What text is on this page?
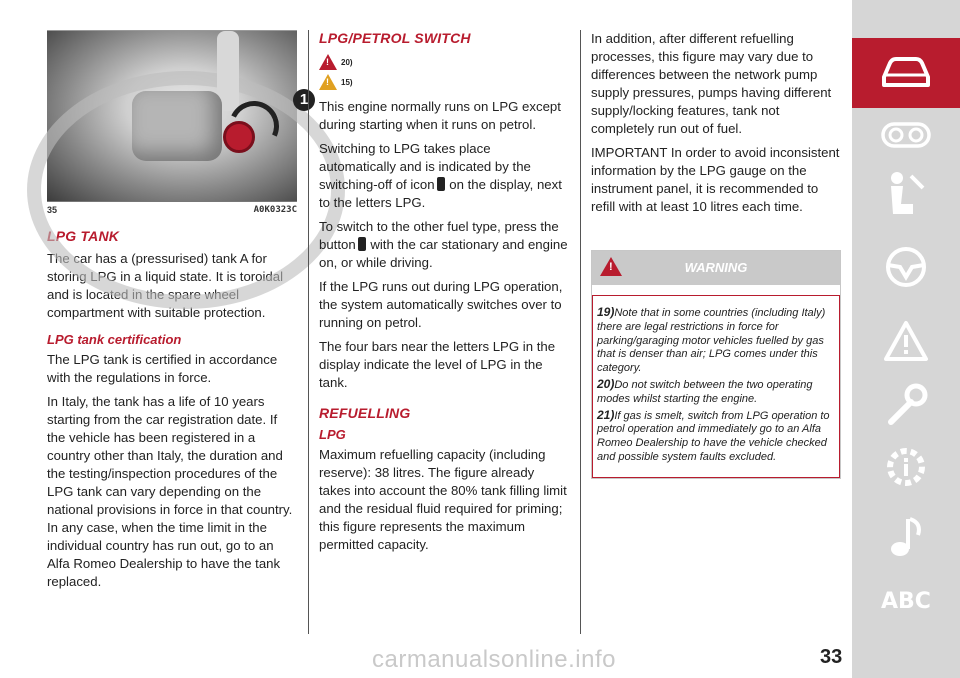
1
35	A0K0323C
LPG TANK

The car has a (pressurised) tank A for storing LPG in a liquid state. It is toroidal and is located in the spare wheel compartment with suitable protection.

LPG tank certification

The LPG tank is certified in accordance with the regulations in force.

In Italy, the tank has a life of 10 years starting from the car registration date. If the vehicle has been registered in a country other than Italy, the duration and the testing/inspection procedures of the LPG tank can vary depending on the national provisions in force in that country. In any case, when the time limit in the individual country has run out, go to an Alfa Romeo Dealership to have the tank replaced.

LPG/PETROL SWITCH
!
20)
!
15)

This engine normally runs on LPG except during starting when it runs on petrol.

Switching to LPG takes place automatically and is indicated by the switching-off of icon on the display, next to the letters LPG.

To switch to the other fuel type, press the button with the car stationary and engine on, or while driving.

If the LPG runs out during LPG operation, the system automatically switches over to running on petrol.

The four bars near the letters LPG in the display indicate the level of LPG in the tank.

REFUELLING
LPG

Maximum refuelling capacity (including reserve): 38 litres. The figure already takes into account the 80% tank filling limit and the residual fluid required for priming; this figure represents the maximum permitted capacity.

In addition, after different refuelling processes, this figure may vary due to differences between the network pump supply pressures, pumps having different supply/locking features, tank not completely run out of fuel.

IMPORTANT In order to avoid inconsistent information by the LPG gauge on the instrument panel, it is recommended to refill with at least 10 litres each time.

!
WARNING

19)Note that in some countries (including Italy) there are legal restrictions in force for parking/garaging motor vehicles fuelled by gas that is denser than air; LPG comes under this category.

20)Do not switch between the two operating modes whilst starting the engine.

21)If gas is smelt, switch from LPG operation to petrol operation and immediately go to an Alfa Romeo Dealership to have the vehicle checked and possible system faults excluded.

ABC
carmanualsonline.info	33
